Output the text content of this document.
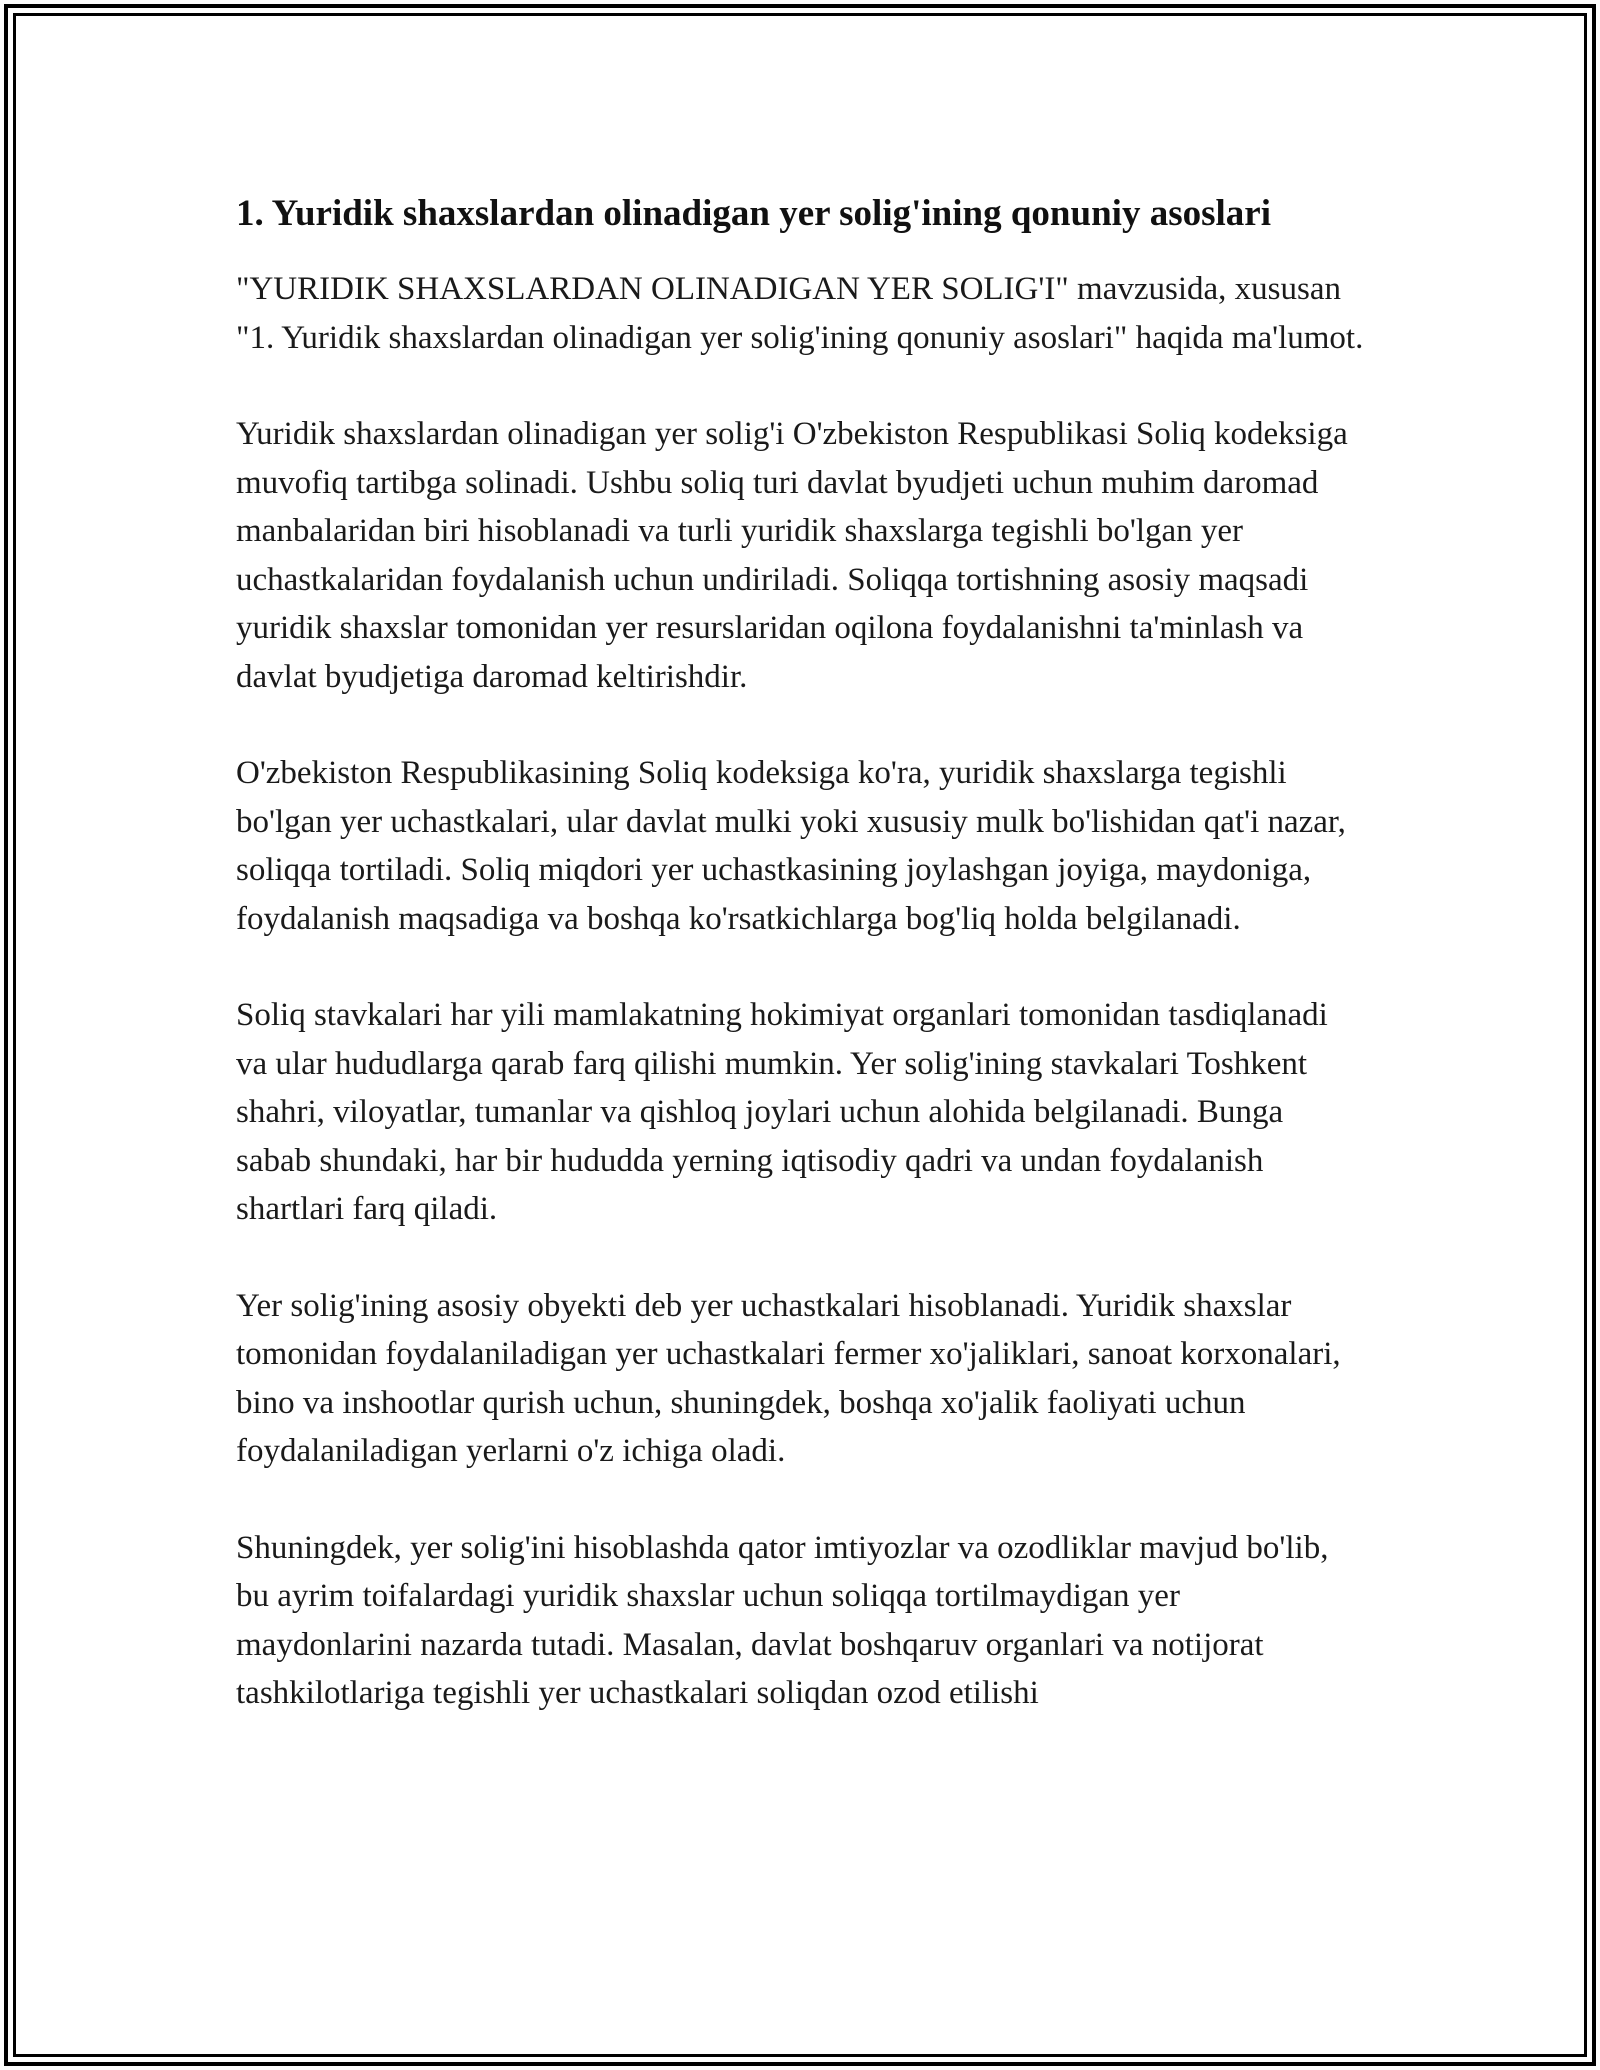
1. Yuridik shaxslardan olinadigan yer solig'ining qonuniy asoslari

"YURIDIK SHAXSLARDAN OLINADIGAN YER SOLIG'I" mavzusida, xususan "1. Yuridik shaxslardan olinadigan yer solig'ining qonuniy asoslari" haqida ma'lumot.

Yuridik shaxslardan olinadigan yer solig'i O'zbekiston Respublikasi Soliq kodeksiga muvofiq tartibga solinadi. Ushbu soliq turi davlat byudjeti uchun muhim daromad manbalaridan biri hisoblanadi va turli yuridik shaxslarga tegishli bo'lgan yer uchastkalaridan foydalanish uchun undiriladi. Soliqqa tortishning asosiy maqsadi yuridik shaxslar tomonidan yer resurslaridan oqilona foydalanishni ta'minlash va davlat byudjetiga daromad keltirishdir.

O'zbekiston Respublikasining Soliq kodeksiga ko'ra, yuridik shaxslarga tegishli bo'lgan yer uchastkalari, ular davlat mulki yoki xususiy mulk bo'lishidan qat'i nazar, soliqqa tortiladi. Soliq miqdori yer uchastkasining joylashgan joyiga, maydoniga, foydalanish maqsadiga va boshqa ko'rsatkichlarga bog'liq holda belgilanadi.

Soliq stavkalari har yili mamlakatning hokimiyat organlari tomonidan tasdiqlanadi va ular hududlarga qarab farq qilishi mumkin. Yer solig'ining stavkalari Toshkent shahri, viloyatlar, tumanlar va qishloq joylari uchun alohida belgilanadi. Bunga sabab shundaki, har bir hududda yerning iqtisodiy qadri va undan foydalanish shartlari farq qiladi.

Yer solig'ining asosiy obyekti deb yer uchastkalari hisoblanadi. Yuridik shaxslar tomonidan foydalaniladigan yer uchastkalari fermer xo'jaliklari, sanoat korxonalari, bino va inshootlar qurish uchun, shuningdek, boshqa xo'jalik faoliyati uchun foydalaniladigan yerlarni o'z ichiga oladi.

Shuningdek, yer solig'ini hisoblashda qator imtiyozlar va ozodliklar mavjud bo'lib, bu ayrim toifalardagi yuridik shaxslar uchun soliqqa tortilmaydigan yer maydonlarini nazarda tutadi. Masalan, davlat boshqaruv organlari va notijorat tashkilotlariga tegishli yer uchastkalari soliqdan ozod etilishi
